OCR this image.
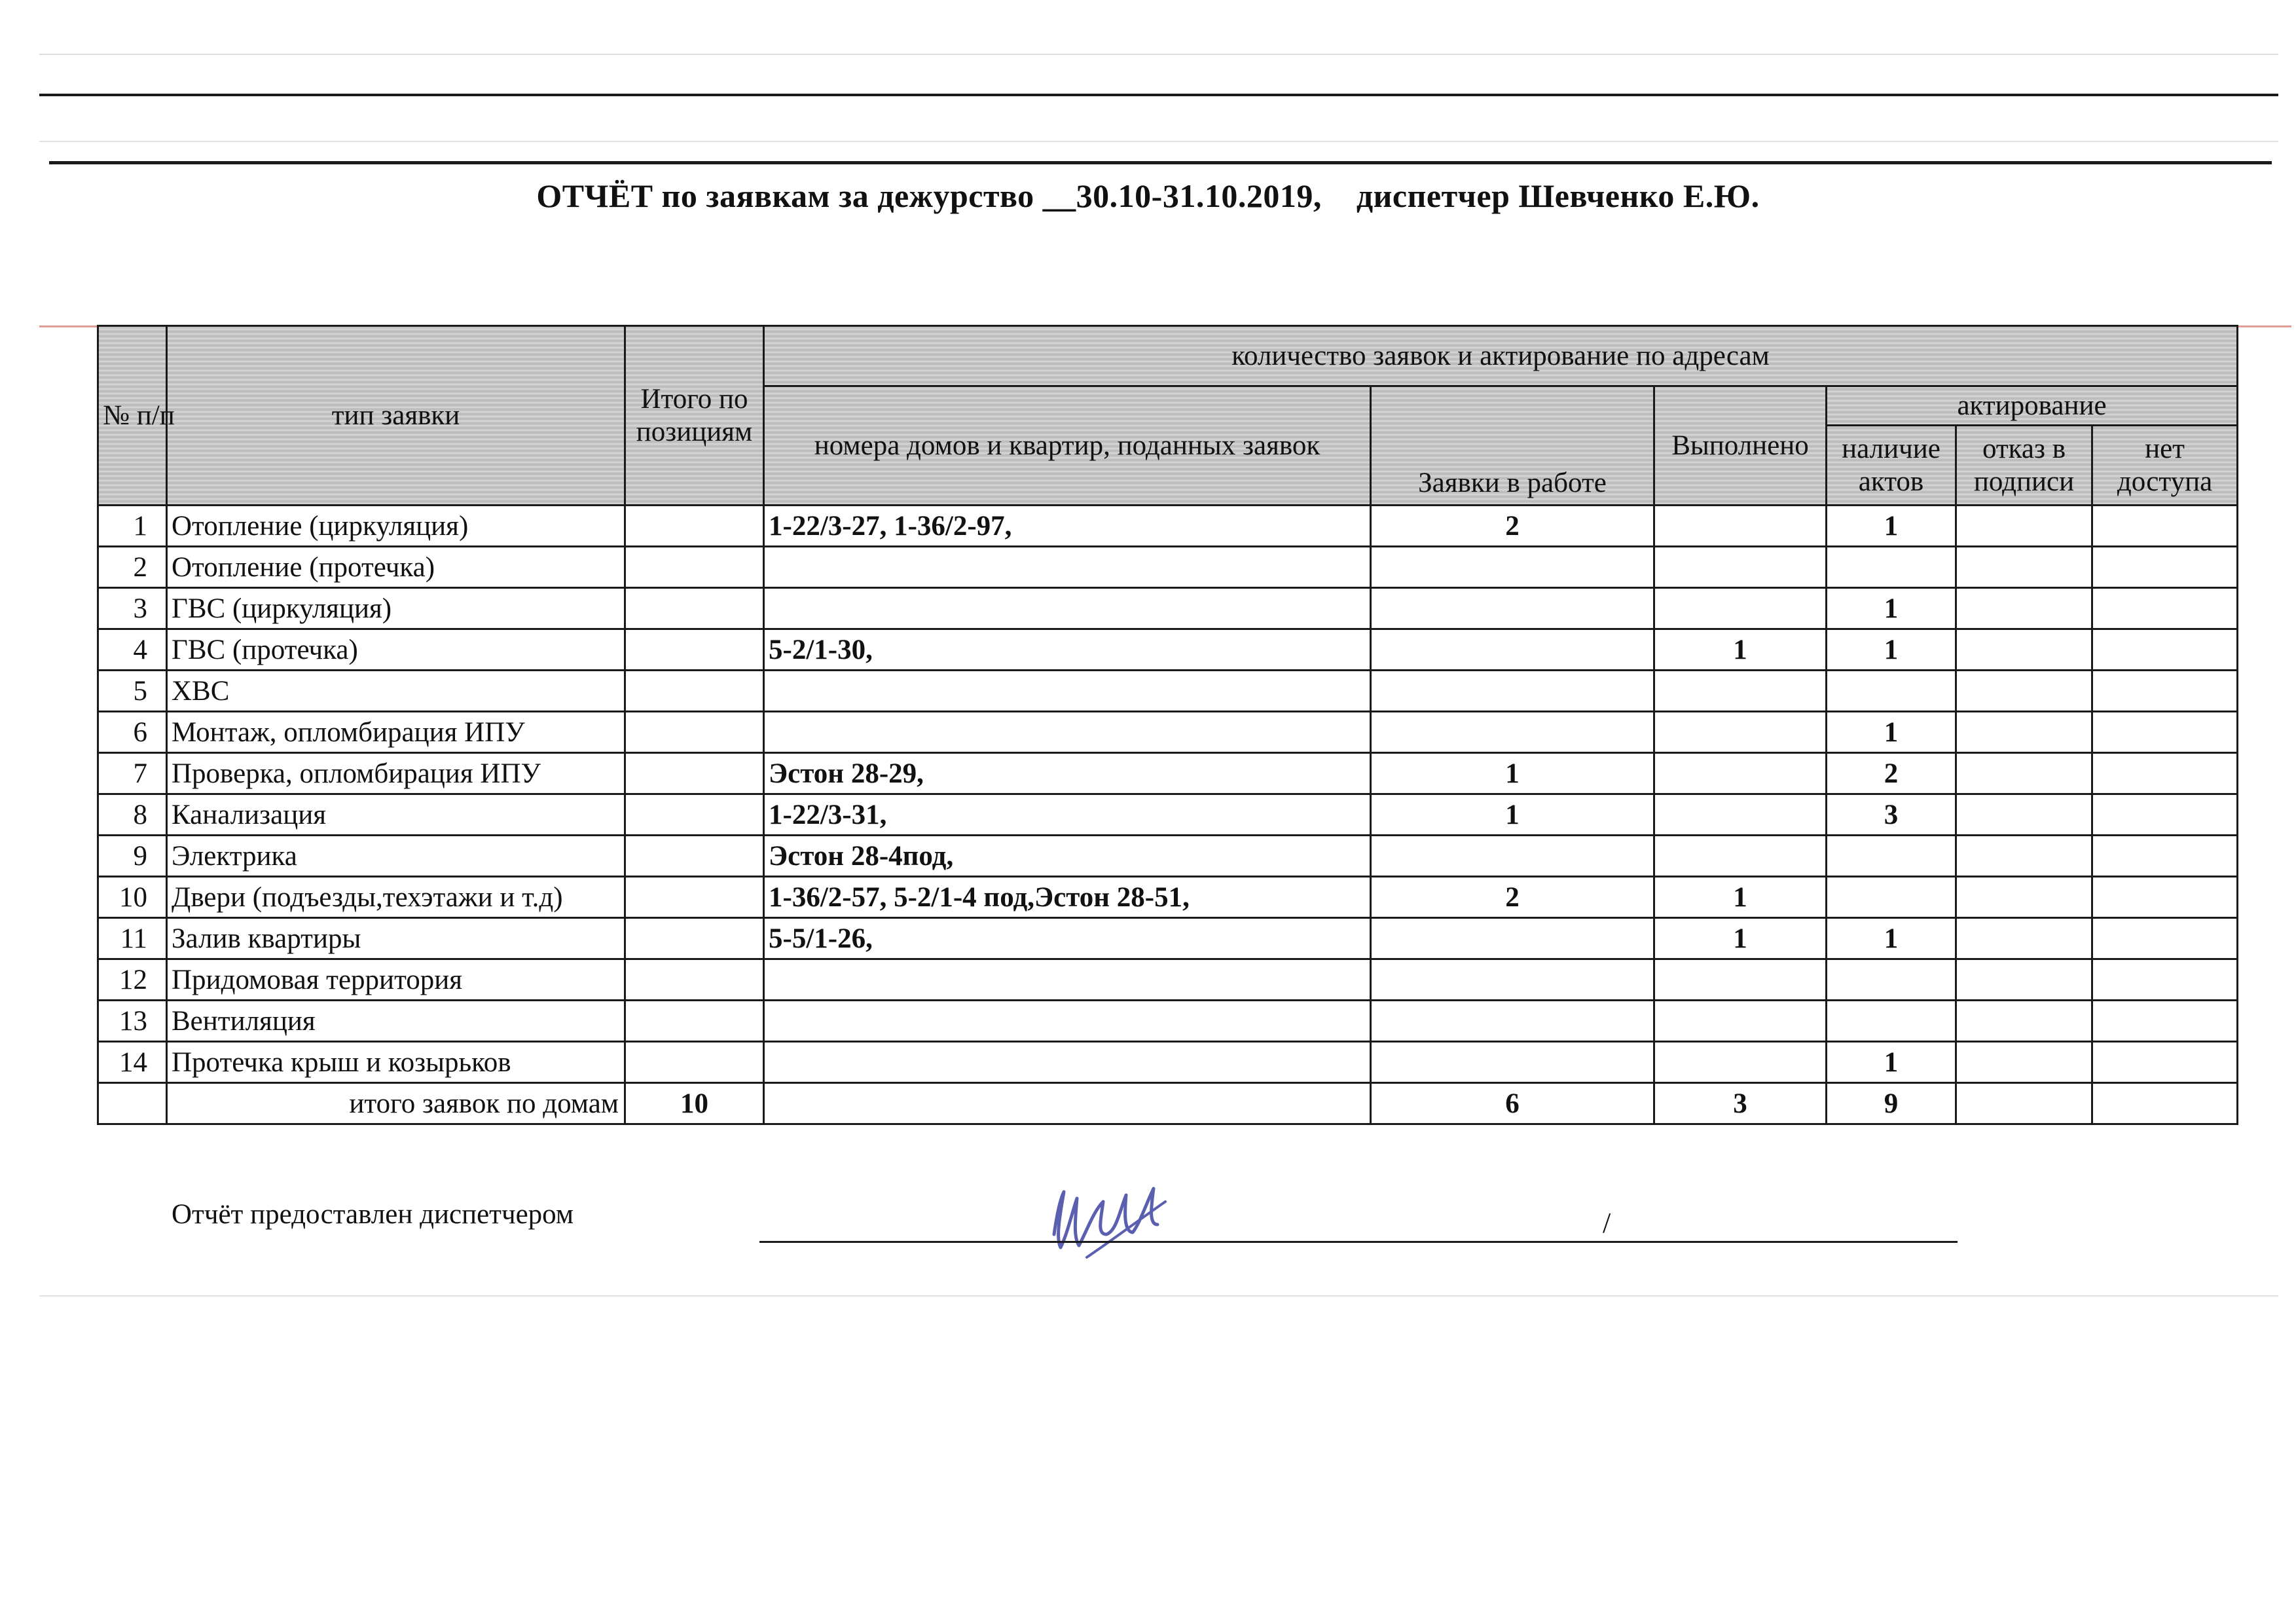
ОТЧЁТ по заявкам за дежурство __30.10-31.10.2019, диспетчер Шевченко Е.Ю.
№ п/п	тип заявки	Итого по позициям	количество заявок и актирование по адресам					
			номера домов и квартир, поданных заявок	Заявки в работе	Выполнено	актирование		
						наличие актов	отказ в подписи	нет доступа
1	Отопление (циркуляция)		1-22/3-27, 1-36/2-97,	2		1		
2	Отопление (протечка)							
3	ГВС (циркуляция)					1		
4	ГВС (протечка)		5-2/1-30,		1	1		
5	ХВС							
6	Монтаж, опломбирация ИПУ					1		
7	Проверка, опломбирация ИПУ		Эстон 28-29,	1		2		
8	Канализация		1-22/3-31,	1		3		
9	Электрика		Эстон 28-4под,					
10	Двери (подъезды,техэтажи и т.д)		1-36/2-57, 5-2/1-4 под,Эстон 28-51,	2	1			
11	Залив квартиры		5-5/1-26,		1	1		
12	Придомовая территория							
13	Вентиляция							
14	Протечка крыш и козырьков					1		
	итого заявок по домам	10		6	3	9		
Отчёт предоставлен диспетчером	/
